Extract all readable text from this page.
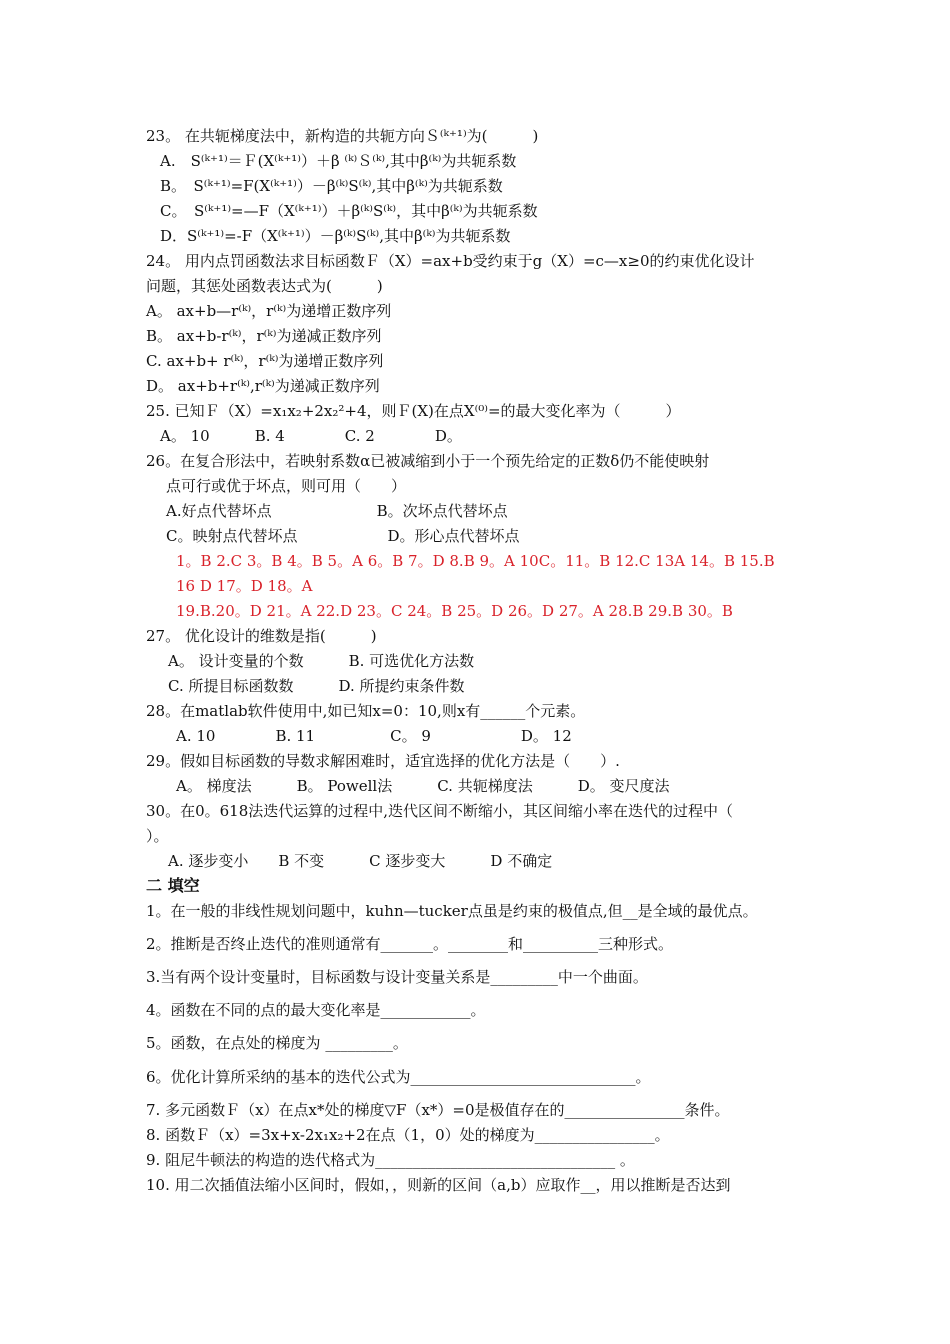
23。 在共轭梯度法中，新构造的共轭方向Ｓ⁽ᵏ⁺¹⁾为(　　　)
A.　S⁽ᵏ⁺¹⁾＝Ｆ(X⁽ᵏ⁺¹⁾）＋β ⁽ᵏ⁾Ｓ⁽ᵏ⁾,其中β⁽ᵏ⁾为共轭系数
B。　S⁽ᵏ⁺¹⁾=F(X⁽ᵏ⁺¹⁾）－β⁽ᵏ⁾S⁽ᵏ⁾,其中β⁽ᵏ⁾为共轭系数
C。　S⁽ᵏ⁺¹⁾=—F（X⁽ᵏ⁺¹⁾）＋β⁽ᵏ⁾S⁽ᵏ⁾，其中β⁽ᵏ⁾为共轭系数
D．S⁽ᵏ⁺¹⁾=-F（X⁽ᵏ⁺¹⁾）－β⁽ᵏ⁾S⁽ᵏ⁾,其中β⁽ᵏ⁾为共轭系数
24。 用内点罚函数法求目标函数Ｆ（X）=ax+b受约束于g（X）=c—x≥0的约束优化设计
问题，其惩处函数表达式为(　　　)
A。 ax+b—r⁽ᵏ⁾，r⁽ᵏ⁾为递增正数序列
B。 ax+b-r⁽ᵏ⁾，r⁽ᵏ⁾为递减正数序列
C. ax+b+ r⁽ᵏ⁾，r⁽ᵏ⁾为递增正数序列
D。 ax+b+r⁽ᵏ⁾,r⁽ᵏ⁾为递减正数序列
25. 已知Ｆ（X）=x₁x₂+2x₂²+4，则Ｆ(X)在点X⁽⁰⁾=的最大变化率为（　　　）
A。 10　　　B. 4　　　　C. 2　　　　D。
26。在复合形法中，若映射系数α已被减缩到小于一个预先给定的正数δ仍不能使映射
点可行或优于坏点，则可用（　　）
A.好点代替坏点　　　　　　　B。次坏点代替坏点
C。映射点代替坏点　　　　　　D。形心点代替坏点
1。B 2.C 3。B 4。B 5。A 6。B 7。D 8.B 9。A 10C。11。B 12.C 13A 14。B 15.B
16 D 17。D 18。A
19.B.20。D 21。A 22.D 23。C 24。B 25。D 26。D 27。A 28.B 29.B 30。B
27。 优化设计的维数是指(　　　)
A。 设计变量的个数　　　B. 可选优化方法数
C. 所提目标函数数　　　D. 所提约束条件数
28。在matlab软件使用中,如已知x=0：10,则x有______个元素。
A. 10　　　　B. 11　　　　　C。 9　　　　　　D。 12
29。假如目标函数的导数求解困难时，适宜选择的优化方法是（　　）.
A。 梯度法　　　B。 Powell法　　　C. 共轭梯度法　　　D。 变尺度法
30。在0。618法迭代运算的过程中,迭代区间不断缩小，其区间缩小率在迭代的过程中（
）。
A. 逐步变小　　B 不变　　　C 逐步变大　　　D 不确定
二 填空
1。在一般的非线性规划问题中，kuhn—tucker点虽是约束的极值点,但__是全域的最优点。
2。推断是否终止迭代的准则通常有_______。________和__________三种形式。
3.当有两个设计变量时，目标函数与设计变量关系是_________中一个曲面。
4。函数在不同的点的最大变化率是____________。
5。函数，在点处的梯度为 _________。
6。优化计算所采纳的基本的迭代公式为______________________________。
7. 多元函数Ｆ（x）在点x*处的梯度▽F（x*）=0是极值存在的________________条件。
8. 函数Ｆ（x）=3x+x-2x₁x₂+2在点（1，0）处的梯度为________________。
9. 阻尼牛顿法的构造的迭代格式为________________________________ 。
10. 用二次插值法缩小区间时，假如，，则新的区间（a,b）应取作__，用以推断是否达到
